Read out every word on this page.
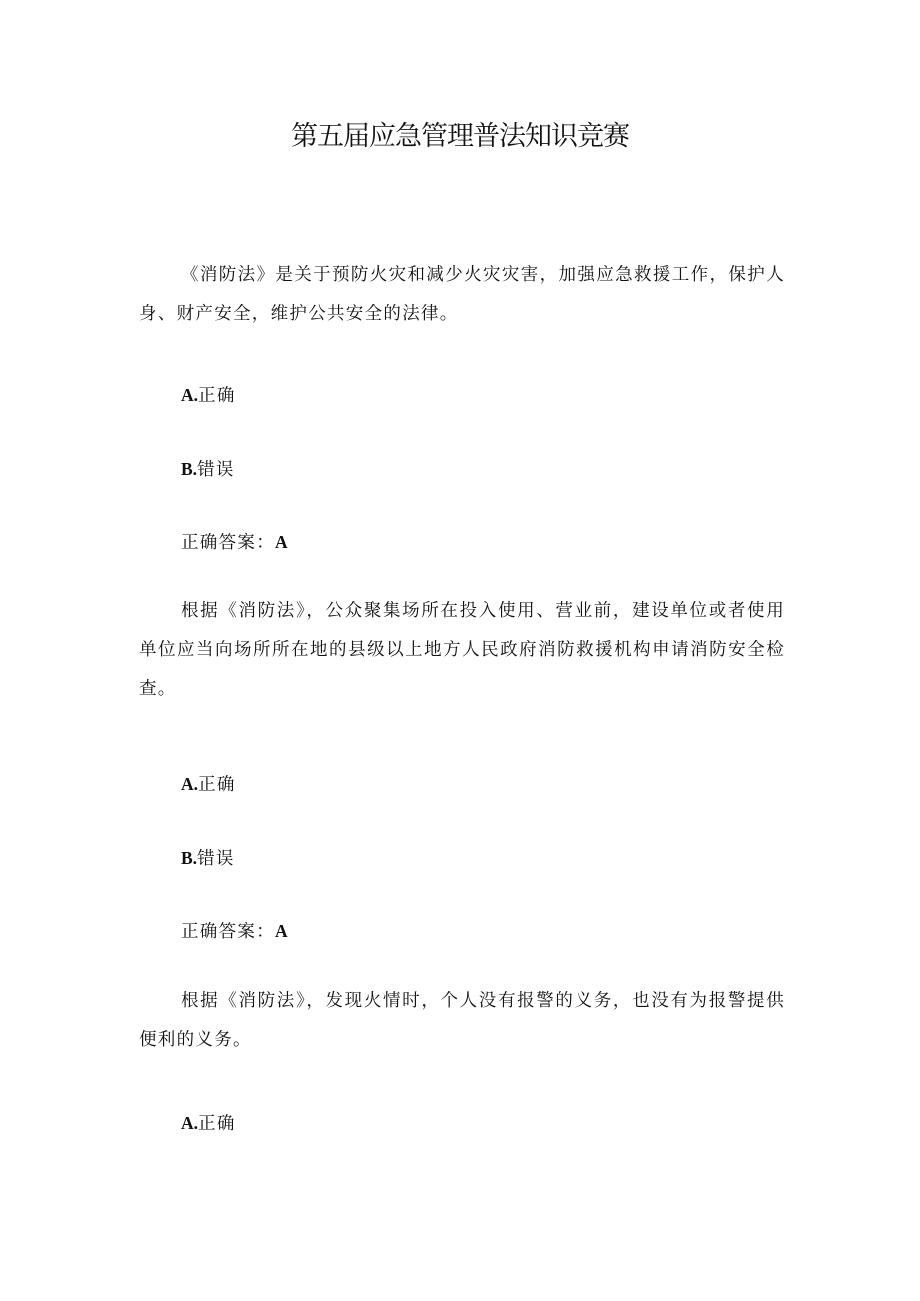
第五届应急管理普法知识竞赛
《消防法》是关于预防火灾和减少火灾灾害，加强应急救援工作，保护人身、财产安全，维护公共安全的法律。
A.正确
B.错误
正确答案：A
根据《消防法》，公众聚集场所在投入使用、营业前，建设单位或者使用单位应当向场所所在地的县级以上地方人民政府消防救援机构申请消防安全检查。
A.正确
B.错误
正确答案：A
根据《消防法》，发现火情时，个人没有报警的义务，也没有为报警提供便利的义务。
A.正确
